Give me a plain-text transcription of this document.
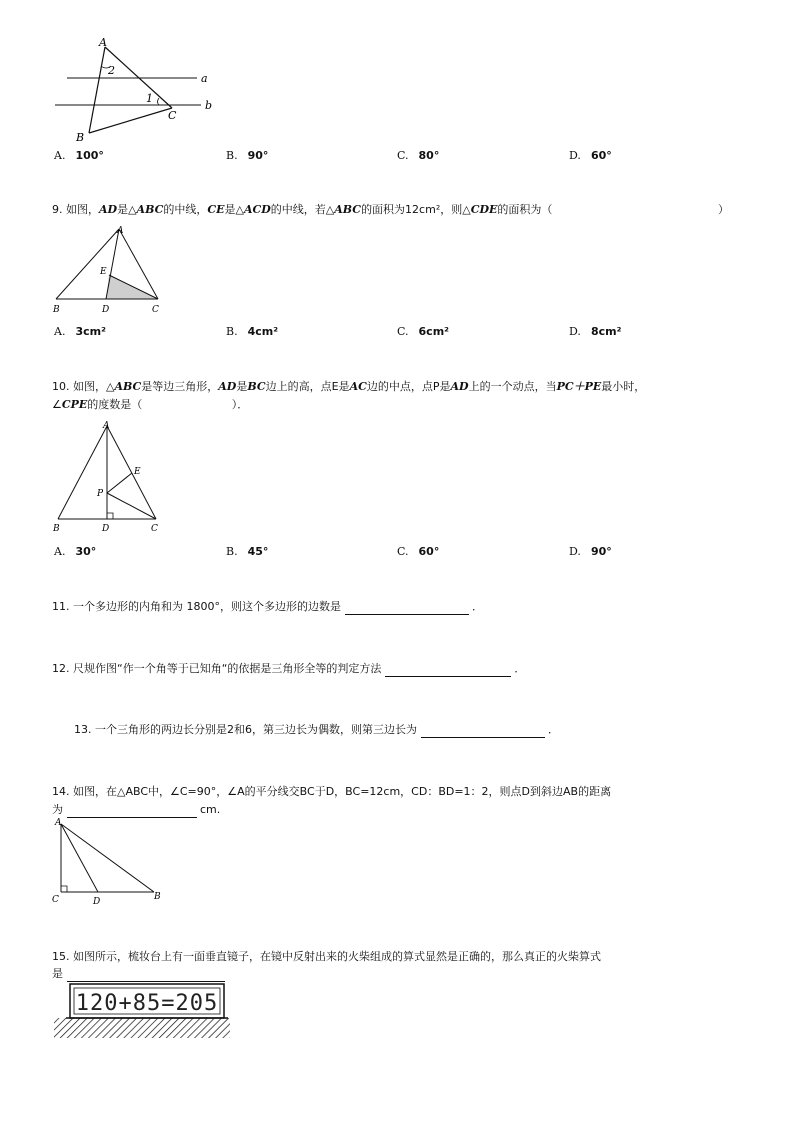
A
2
a
1
b
C
B
A. 100°	B. 90°	C. 80°	D. 60°
9. 如图，AD是△ABC的中线，CE是△ACD的中线，若△ABC的面积为12cm²，则△CDE的面积为（	）
A
E
B	D	C
A. 3cm²	B. 4cm²	C. 6cm²	D. 8cm²
10. 如图，△ABC是等边三角形，AD是BC边上的高，点E是AC边的中点，点P是AD上的一个动点，当PC＋PE最小时，
∠CPE的度数是（	）．
A
E
P
B	D	C
A. 30°	B. 45°	C. 60°	D. 90°
11. 一个多边形的内角和为 1800°，则这个多边形的边数是	．
12. 尺规作图“作一个角等于已知角“的依据是三角形全等的判定方法	．
13. 一个三角形的两边长分别是2和6，第三边长为偶数，则第三边长为	．
14. 如图，在△ABC中，∠C=90°，∠A的平分线交BC于D，BC=12cm，CD：BD=1：2，则点D到斜边AB的距离
为	cm.
A
C	D	B
15. 如图所示，梳妆台上有一面垂直镜子，在镜中反射出来的火柴组成的算式显然是正确的，那么真正的火柴算式
是
120+85=205
